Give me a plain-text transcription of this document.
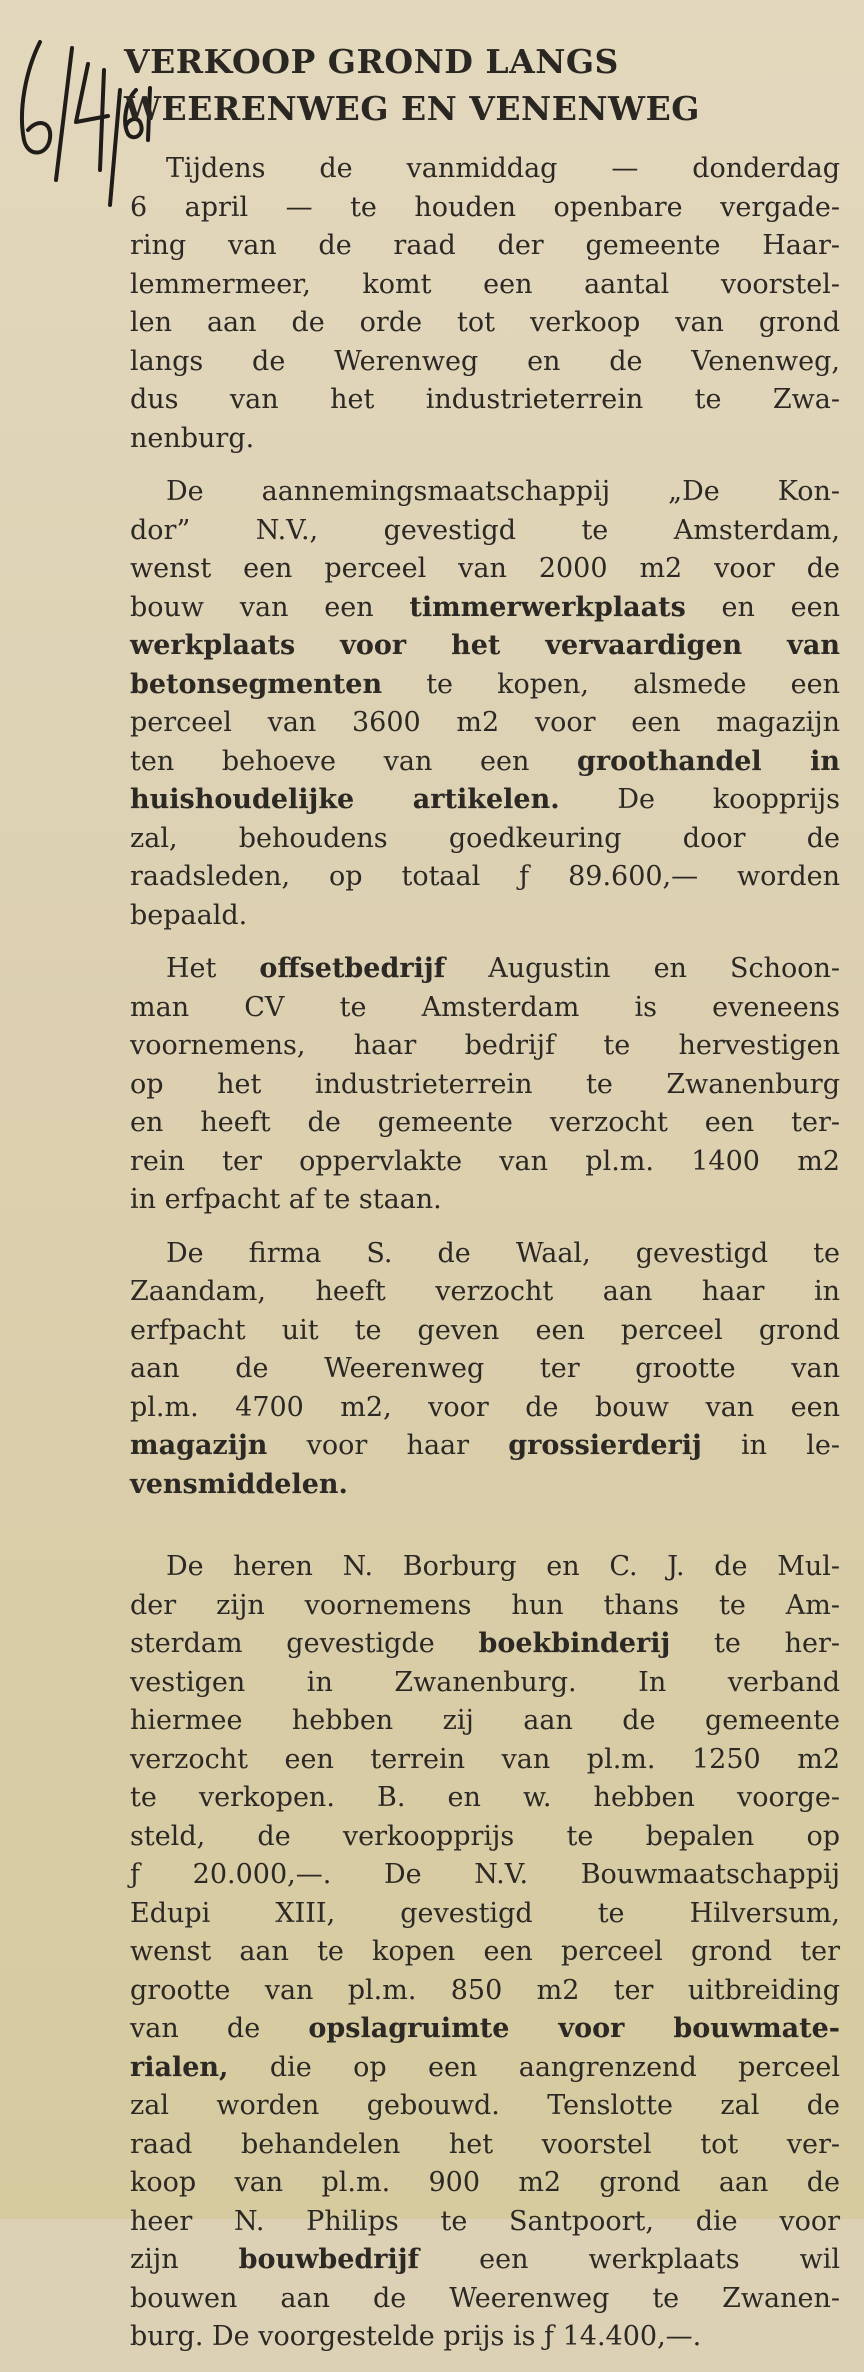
VERKOOP GROND LANGS
WEERENWEG EN VENENWEG
Tijdens de vanmiddag — donderdag
6 april — te houden openbare vergade-
ring van de raad der gemeente Haar-
lemmermeer, komt een aantal voorstel-
len aan de orde tot verkoop van grond
langs de Werenweg en de Venenweg,
dus van het industrieterrein te Zwa-
nenburg.
De aannemingsmaatschappij „De Kon-
dor” N.V., gevestigd te Amsterdam,
wenst een perceel van 2000 m2 voor de
bouw van een timmerwerkplaats en een
werkplaats voor het vervaardigen van
betonsegmenten te kopen, alsmede een
perceel van 3600 m2 voor een magazijn
ten behoeve van een groothandel in
huishoudelijke artikelen. De koopprijs
zal, behoudens goedkeuring door de
raadsleden, op totaal ƒ 89.600,— worden
bepaald.
Het offsetbedrijf Augustin en Schoon-
man CV te Amsterdam is eveneens
voornemens, haar bedrijf te hervestigen
op het industrieterrein te Zwanenburg
en heeft de gemeente verzocht een ter-
rein ter oppervlakte van pl.m. 1400 m2
in erfpacht af te staan.
De firma S. de Waal, gevestigd te
Zaandam, heeft verzocht aan haar in
erfpacht uit te geven een perceel grond
aan de Weerenweg ter grootte van
pl.m. 4700 m2, voor de bouw van een
magazijn voor haar grossierderij in le-
vensmiddelen.
De heren N. Borburg en C. J. de Mul-
der zijn voornemens hun thans te Am-
sterdam gevestigde boekbinderij te her-
vestigen in Zwanenburg. In verband
hiermee hebben zij aan de gemeente
verzocht een terrein van pl.m. 1250 m2
te verkopen. B. en w. hebben voorge-
steld, de verkoopprijs te bepalen op
ƒ 20.000,—. De N.V. Bouwmaatschappij
Edupi XIII, gevestigd te Hilversum,
wenst aan te kopen een perceel grond ter
grootte van pl.m. 850 m2 ter uitbreiding
van de opslagruimte voor bouwmate-
rialen, die op een aangrenzend perceel
zal worden gebouwd. Tenslotte zal de
raad behandelen het voorstel tot ver-
koop van pl.m. 900 m2 grond aan de
heer N. Philips te Santpoort, die voor
zijn bouwbedrijf een werkplaats wil
bouwen aan de Weerenweg te Zwanen-
burg. De voorgestelde prijs is ƒ 14.400,—.
